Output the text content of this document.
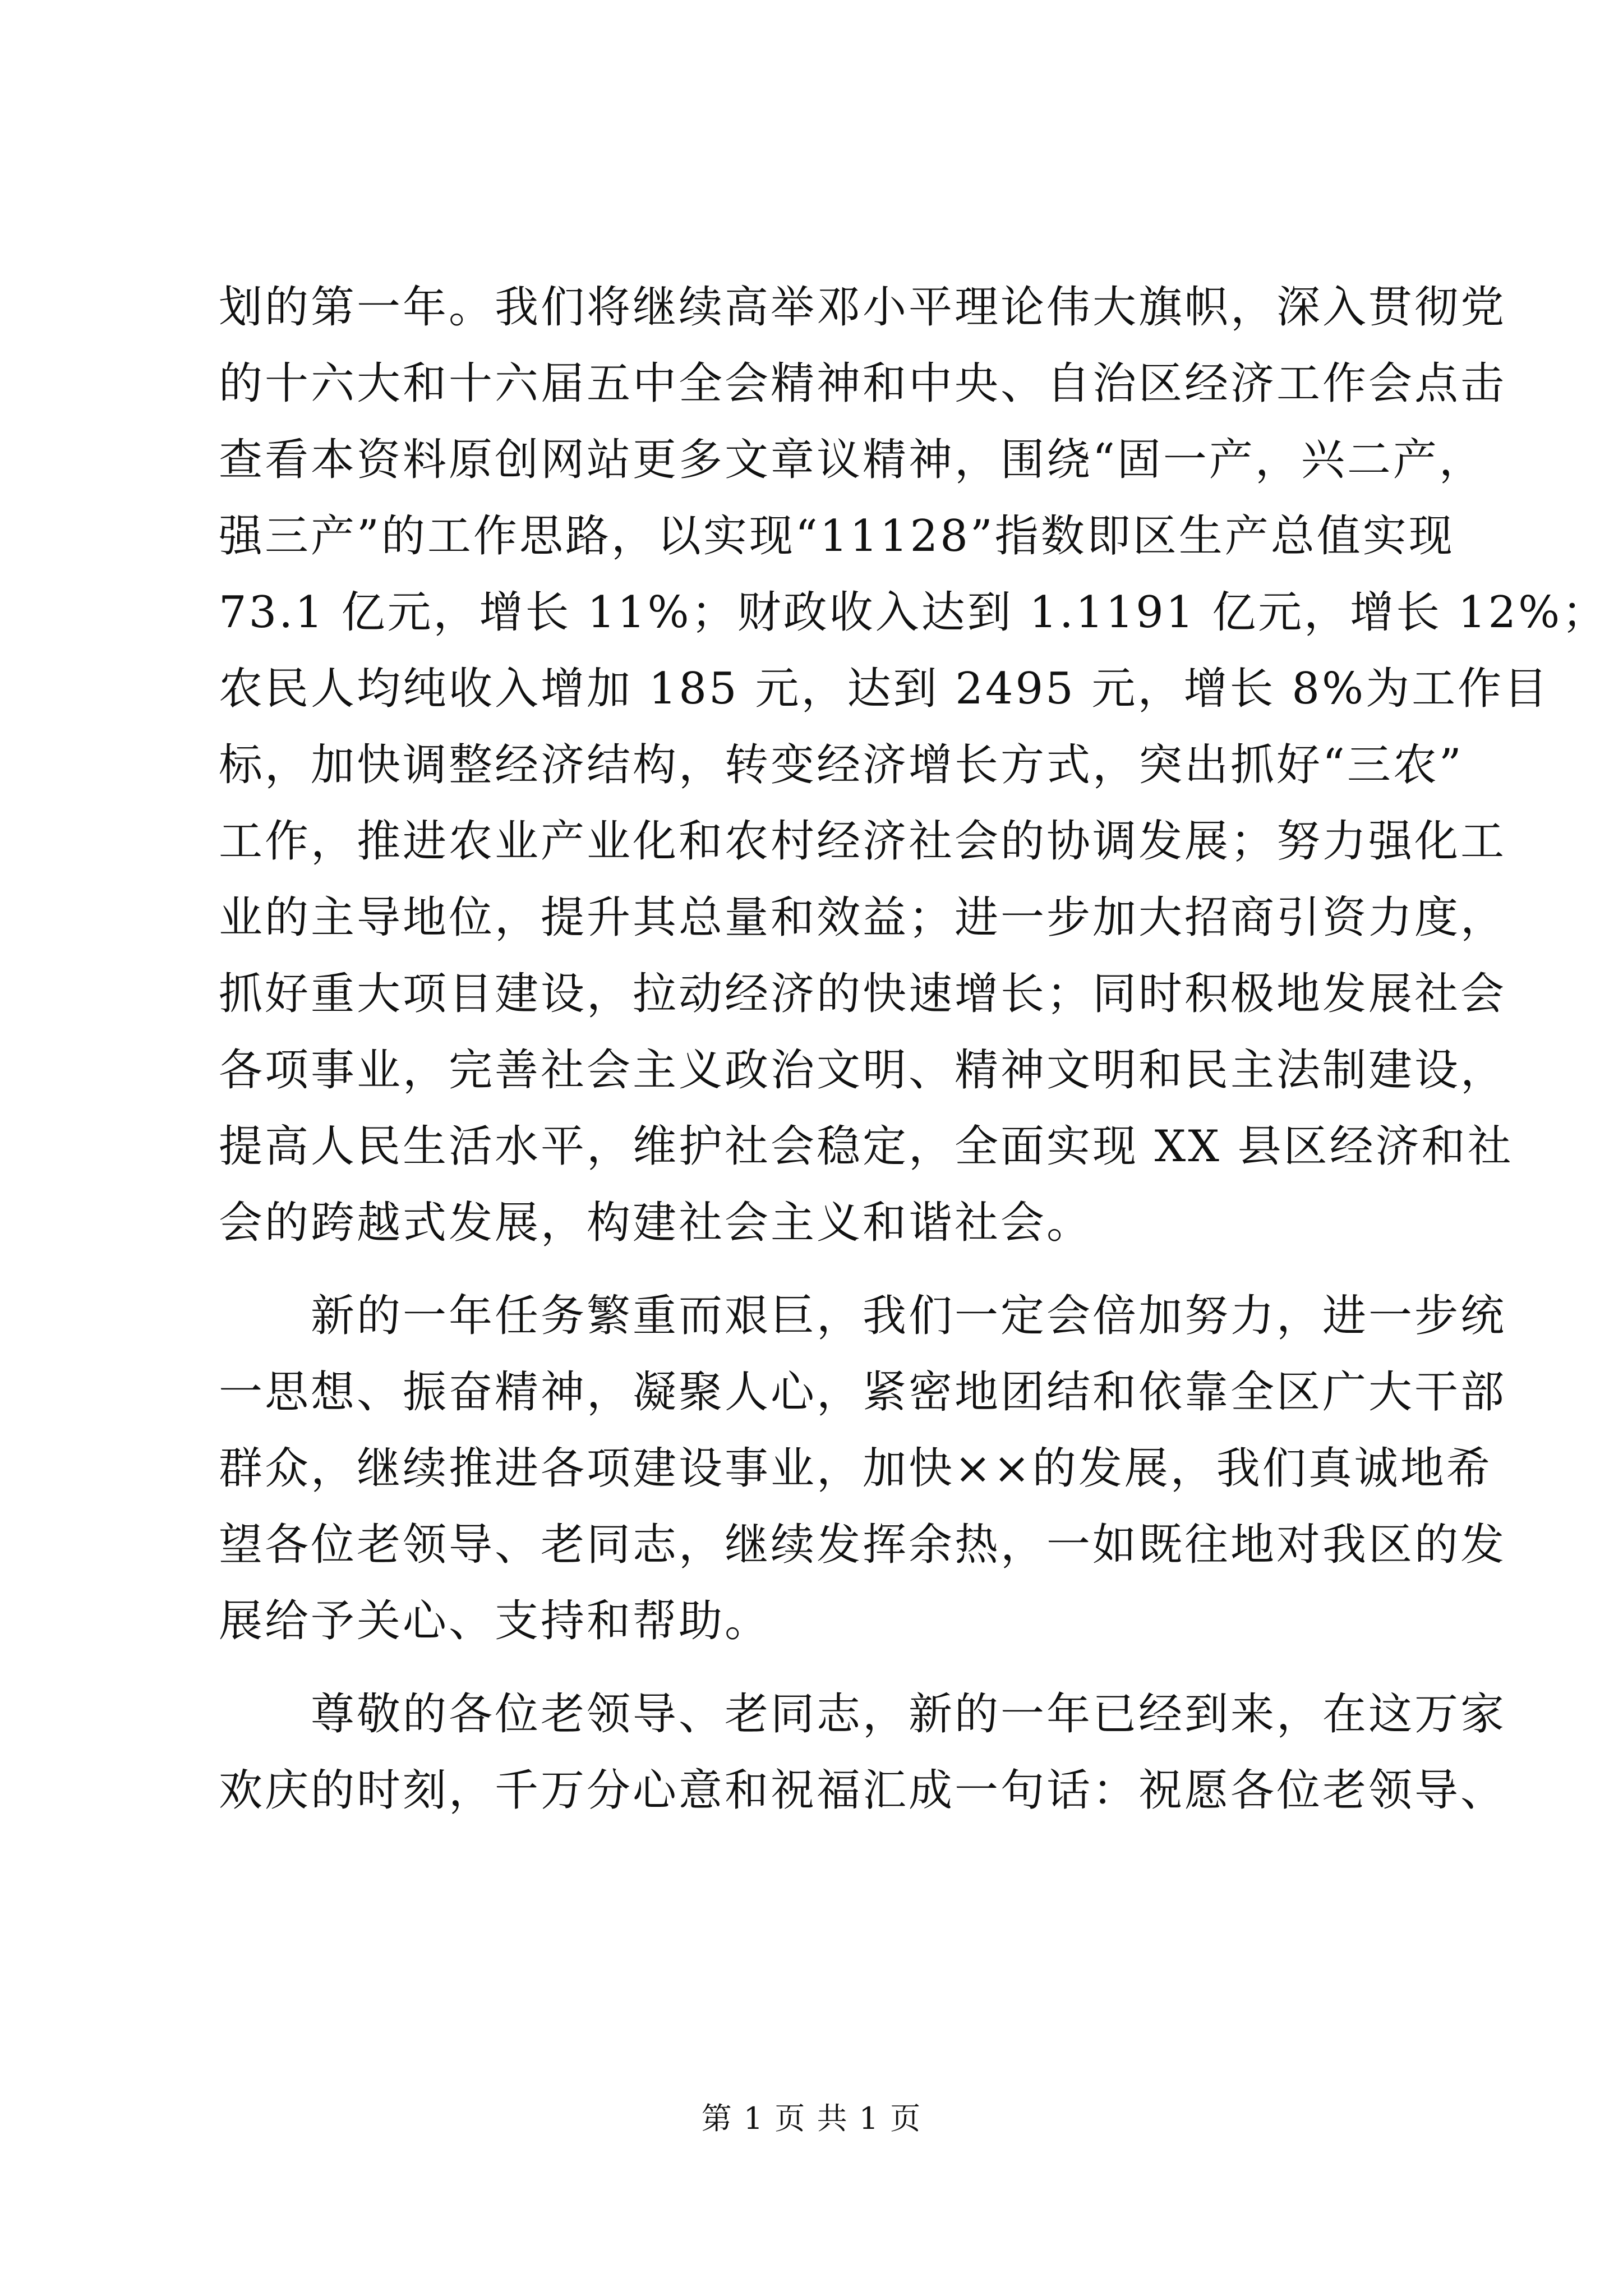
划的第一年。我们将继续高举邓小平理论伟大旗帜，深入贯彻党
的十六大和十六届五中全会精神和中央、自治区经济工作会点击
查看本资料原创网站更多文章议精神，围绕“固一产，兴二产，
强三产”的工作思路，以实现“11128”指数即区生产总值实现
73.1 亿元，增长 11%；财政收入达到 1.1191 亿元，增长 12%；
农民人均纯收入增加 185 元，达到 2495 元，增长 8%为工作目
标，加快调整经济结构，转变经济增长方式，突出抓好“三农”
工作，推进农业产业化和农村经济社会的协调发展；努力强化工
业的主导地位，提升其总量和效益；进一步加大招商引资力度，
抓好重大项目建设，拉动经济的快速增长；同时积极地发展社会
各项事业，完善社会主义政治文明、精神文明和民主法制建设，
提高人民生活水平，维护社会稳定，全面实现 XX 县区经济和社
会的跨越式发展，构建社会主义和谐社会。
新的一年任务繁重而艰巨，我们一定会倍加努力，进一步统
一思想、振奋精神，凝聚人心，紧密地团结和依靠全区广大干部
群众，继续推进各项建设事业，加快××的发展，我们真诚地希
望各位老领导、老同志，继续发挥余热，一如既往地对我区的发
展给予关心、支持和帮助。
尊敬的各位老领导、老同志，新的一年已经到来，在这万家
欢庆的时刻，千万分心意和祝福汇成一句话：祝愿各位老领导、
第 1 页 共 1 页
